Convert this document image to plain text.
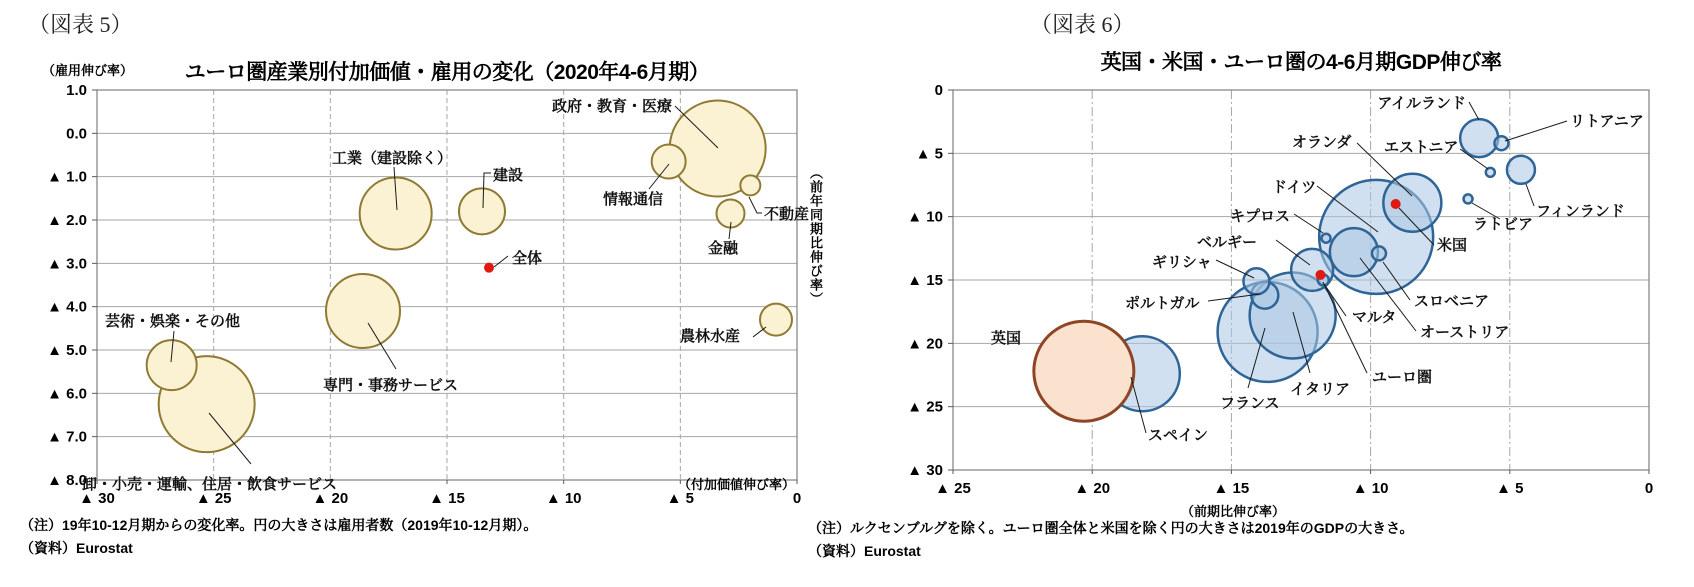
1.0
0.0
▲ 1.0
▲ 2.0
▲ 3.0
▲ 4.0
▲ 5.0
▲ 6.0
▲ 7.0
▲ 8.0
▲ 30	▲ 25	▲ 20	▲ 15	▲ 10	▲ 5	0
政府・教育・医療
卸・小売・運輸、住居・飲食サービス
専門・事務サービス
工業（建設除く）
芸術・娯楽・その他
建設
情報通信
農林水産
金融
不動産
全体
0
▲ 5
▲ 10
▲ 15
▲ 20
▲ 25
▲ 30
▲ 25	▲ 20	▲ 15	▲ 10	▲ 5	0
ドイツ
フランス
イタリア
スペイン
英国
オランダ
オーストリア
ベルギー
アイルランド
フィンランド
ポルトガル
ギリシャ
スロベニア
リトアニア
マルタ
エストニア
キプロス	ラトビア
米国
ユーロ圏
（図表 5）
ユーロ圏産業別付加価値・雇用の変化（2020年4-6月期）
（雇用伸び率）
（付加価値伸び率）
（注）19年10-12月期からの変化率。円の大きさは雇用者数（2019年10-12月期）。
（資料）Eurostat
（図表 6）
英国・米国・ユーロ圏の4-6月期GDP伸び率
（前年同期比伸び率）
（前期比伸び率）
（注）ルクセンブルグを除く。ユーロ圏全体と米国を除く円の大きさは2019年のGDPの大きさ。
（資料）Eurostat
